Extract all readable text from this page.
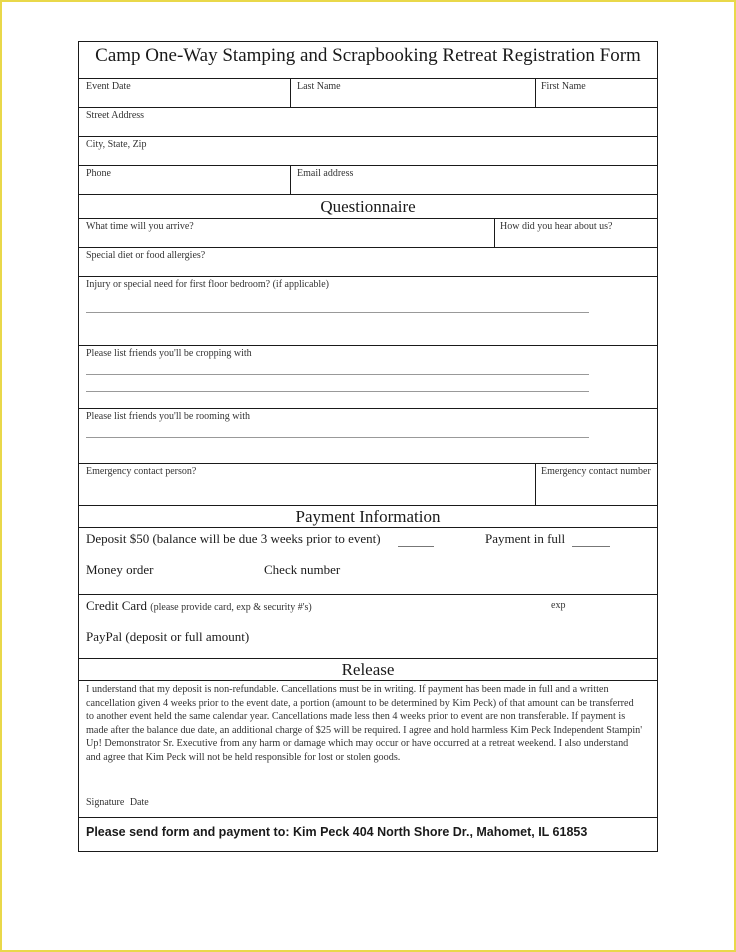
Camp One-Way Stamping and Scrapbooking Retreat Registration Form
Event Date	Last Name	First Name
Street Address
City, State, Zip
Phone	Email address
Questionnaire
What time will you arrive?	How did you hear about us?
Special diet or food allergies?
Injury or special need for first floor bedroom? (if applicable)
Please list friends you'll be cropping with
Please list friends you'll be rooming with
Emergency contact person?	Emergency contact number
Payment Information
Deposit $50 (balance will be due 3 weeks prior to event)	Payment in full
Money order	Check number
Credit Card (please provide card, exp & security #'s)	exp
PayPal (deposit or full amount)
Release
I understand that my deposit is non-refundable. Cancellations must be in writing. If payment has been made in full and a written cancellation given 4 weeks prior to the event date, a portion (amount to be determined by Kim Peck) of that amount can be transferred to another event held the same calendar year. Cancellations made less then 4 weeks prior to event are non transferable. If payment is made after the balance due date, an additional charge of $25 will be required. I agree and hold harmless Kim Peck Independent Stampin' Up! Demonstrator Sr. Executive from any harm or damage which may occur or have occurred at a retreat weekend. I also understand and agree that Kim Peck will not be held responsible for lost or stolen goods.
Signature Date
Please send form and payment to: Kim Peck 404 North Shore Dr., Mahomet, IL 61853
